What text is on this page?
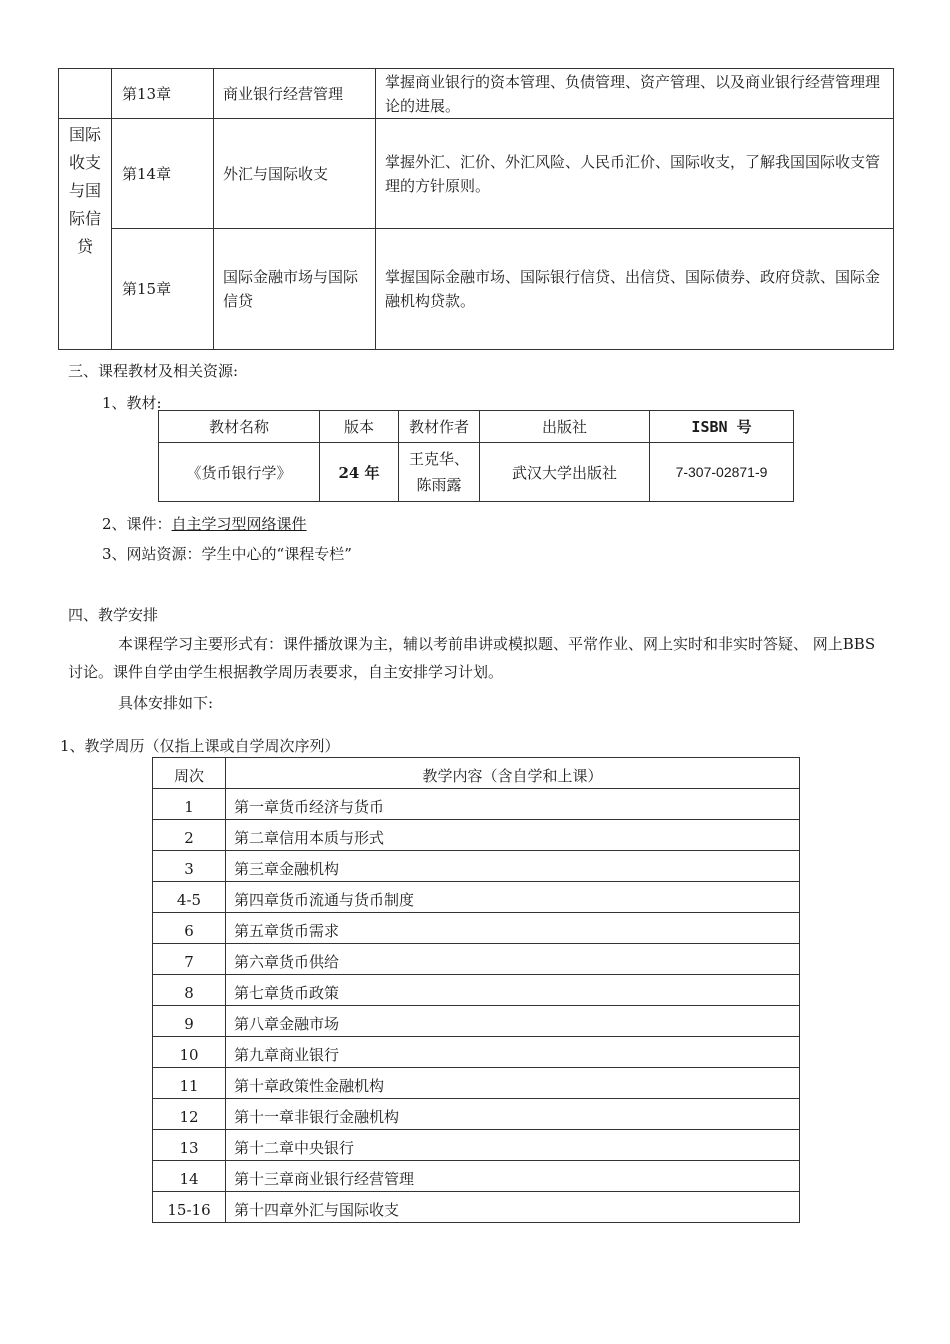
	第13章	商业银行经营管理	掌握商业银行的资本管理、负债管理、资产管理、以及商业银行经营管理理论的进展。
国际收支与国际信贷	第14章	外汇与国际收支	掌握外汇、汇价、外汇风险、人民币汇价、国际收支，了解我国国际收支管理的方针原则。
	第15章	国际金融市场与国际信贷	掌握国际金融市场、国际银行信贷、出信贷、国际债券、政府贷款、国际金融机构贷款。
三、课程教材及相关资源:
1、教材:
教材名称	版本	教材作者	出版社	ISBN 号
《货币银行学》	24 年	王克华、陈雨露	武汉大学出版社	7-307-02871-9
2、课件：自主学习型网络课件
3、网站资源：学生中心的“课程专栏”
四、教学安排
本课程学习主要形式有：课件播放课为主，辅以考前串讲或模拟题、平常作业、网上实时和非实时答疑、 网上BBS讨论。课件自学由学生根据教学周历表要求，自主安排学习计划。
具体安排如下:
1、教学周历（仅指上课或自学周次序列）
周次	教学内容（含自学和上课）
1	第一章货币经济与货币
2	第二章信用本质与形式
3	第三章金融机构
4-5	第四章货币流通与货币制度
6	第五章货币需求
7	第六章货币供给
8	第七章货币政策
9	第八章金融市场
10	第九章商业银行
11	第十章政策性金融机构
12	第十一章非银行金融机构
13	第十二章中央银行
14	第十三章商业银行经营管理
15-16	第十四章外汇与国际收支
